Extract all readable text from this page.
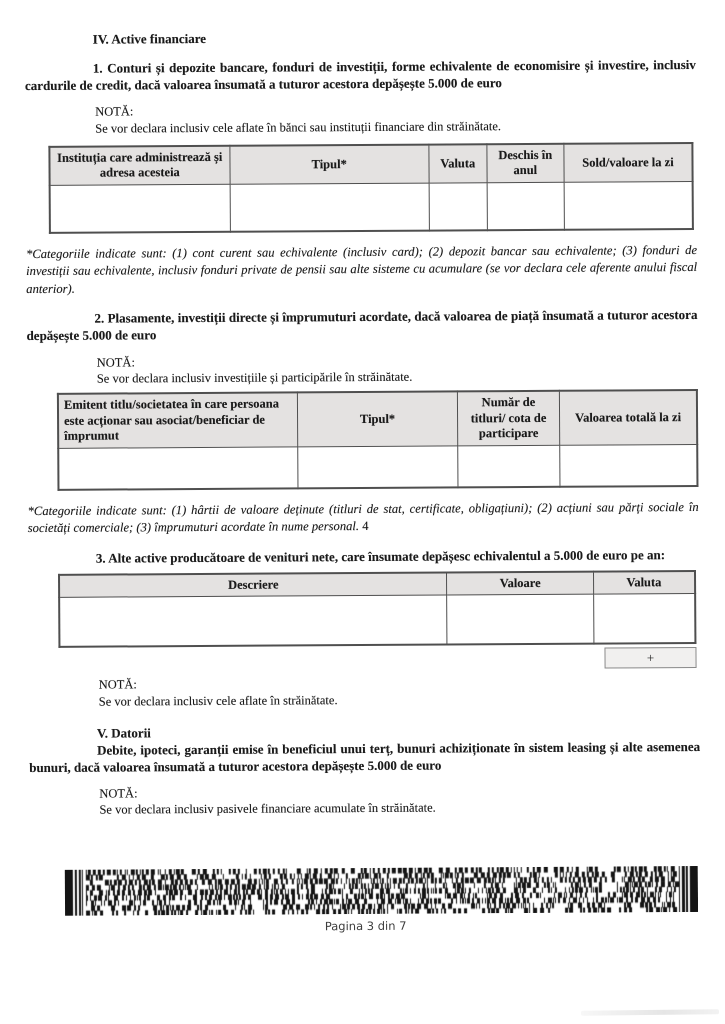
IV. Active financiare

1. Conturi și depozite bancare, fonduri de investiții, forme echivalente de economisire și investire, inclusiv cardurile de credit, dacă valoarea însumată a tuturor acestora depășește 5.000 de euro

NOTĂ:
Se vor declara inclusiv cele aflate în bănci sau instituții financiare din străinătate.
Instituția care administrează și adresa acesteia	Tipul*	Valuta	Deschis în anul	Sold/valoare la zi

*Categoriile indicate sunt: (1) cont curent sau echivalente (inclusiv card); (2) depozit bancar sau echivalente; (3) fonduri de investiții sau echivalente, inclusiv fonduri private de pensii sau alte sisteme cu acumulare (se vor declara cele aferente anului fiscal anterior).

2. Plasamente, investiții directe și împrumuturi acordate, dacă valoarea de piață însumată a tuturor acestora depășește 5.000 de euro

NOTĂ:
Se vor declara inclusiv investițiile și participările în străinătate.
Emitent titlu/societatea în care persoana este acționar sau asociat/beneficiar de împrumut	Tipul*	Număr de titluri/ cota de participare	Valoarea totală la zi

*Categoriile indicate sunt: (1) hârtii de valoare deținute (titluri de stat, certificate, obligațiuni); (2) acțiuni sau părți sociale în societăți comerciale; (3) împrumuturi acordate în nume personal. 4

3. Alte active producătoare de venituri nete, care însumate depășesc echivalentul a 5.000 de euro pe an:

Descriere	Valoare	Valuta

+
NOTĂ:
Se vor declara inclusiv cele aflate în străinătate.
V. Datorii

Debite, ipoteci, garanții emise în beneficiul unui terț, bunuri achiziționate în sistem leasing și alte asemenea bunuri, dacă valoarea însumată a tuturor acestora depășește 5.000 de euro

NOTĂ:
Se vor declara inclusiv pasivele financiare acumulate în străinătate.
Pagina 3 din 7
